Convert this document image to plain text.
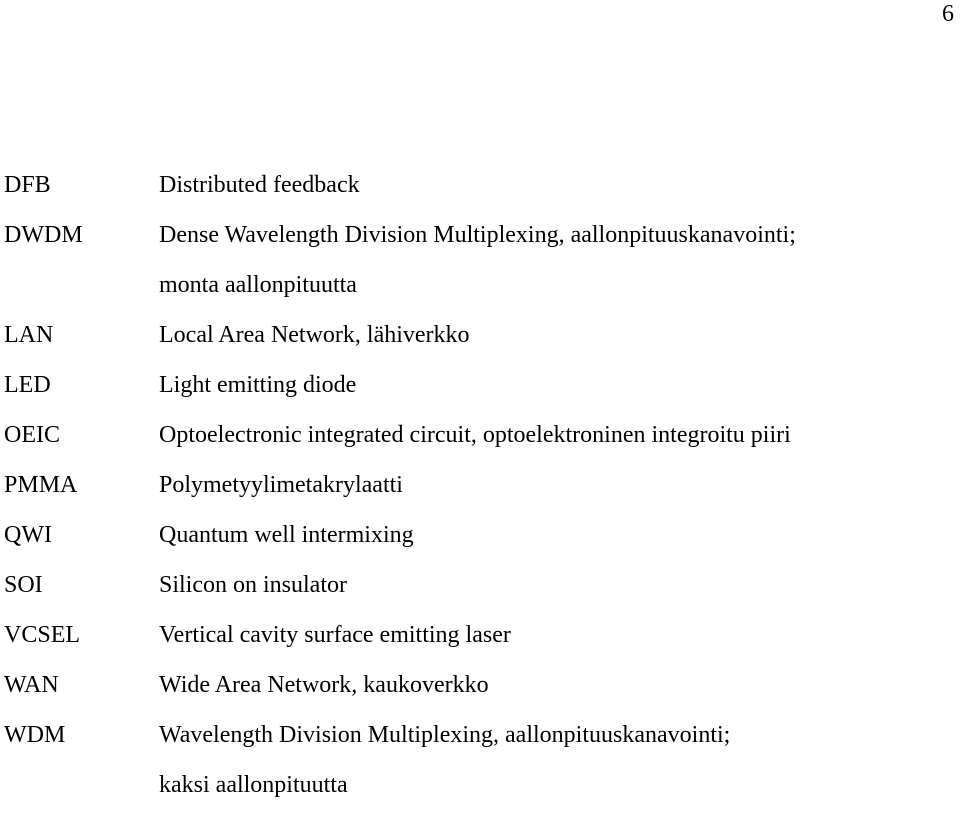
6
DFB	Distributed feedback
DWDM	Dense Wavelength Division Multiplexing, aallonpituuskanavointi;
monta aallonpituutta
LAN	Local Area Network, lähiverkko
LED	Light emitting diode
OEIC	Optoelectronic integrated circuit, optoelektroninen integroitu piiri
PMMA	Polymetyylimetakrylaatti
QWI	Quantum well intermixing
SOI	Silicon on insulator
VCSEL	Vertical cavity surface emitting laser
WAN	Wide Area Network, kaukoverkko
WDM	Wavelength Division Multiplexing, aallonpituuskanavointi;
kaksi aallonpituutta
